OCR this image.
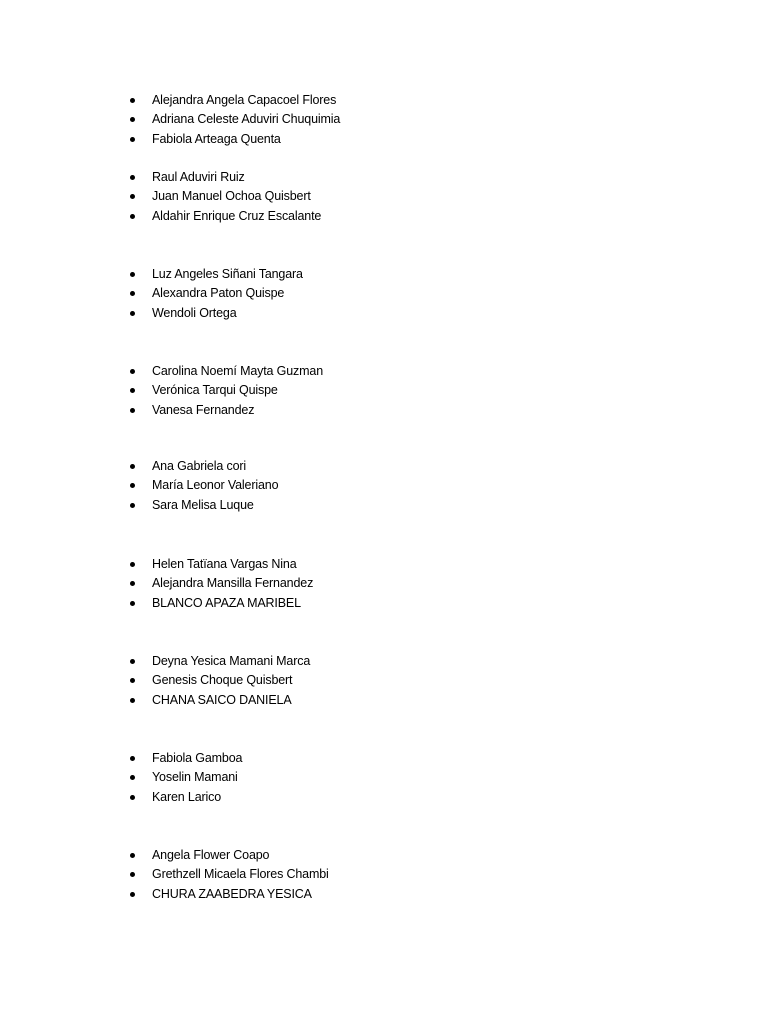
Alejandra Angela Capacoel Flores
Adriana Celeste Aduviri Chuquimia
Fabiola Arteaga Quenta
Raul Aduviri Ruiz
Juan Manuel Ochoa Quisbert
Aldahir Enrique Cruz Escalante
Luz Angeles Siñani Tangara
Alexandra Paton Quispe
Wendoli Ortega
Carolina Noemí Mayta Guzman
Verónica Tarqui Quispe
Vanesa Fernandez
Ana Gabriela cori
María Leonor Valeriano
Sara Melisa Luque
Helen Tatïana Vargas Nina
Alejandra Mansilla Fernandez
BLANCO APAZA MARIBEL
Deyna Yesica Mamani Marca
Genesis Choque Quisbert
CHANA SAICO DANIELA
Fabiola Gamboa
Yoselin Mamani
Karen Larico
Angela Flower Coapo
Grethzell Micaela Flores Chambi
CHURA ZAABEDRA YESICA
